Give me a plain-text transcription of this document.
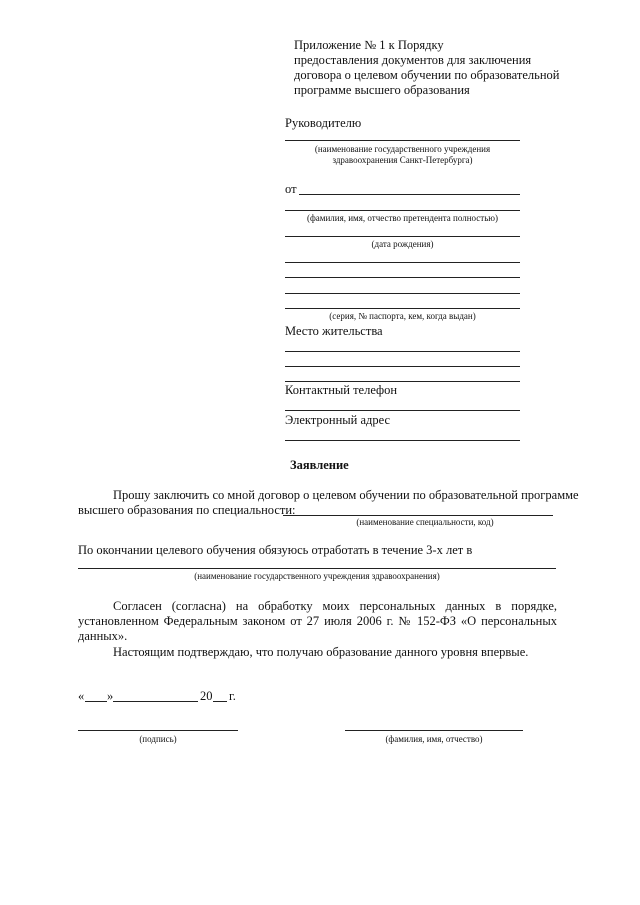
Приложение № 1 к Порядку
предоставления документов для заключения
договора о целевом обучении по образовательной
программе высшего образования
Руководителю
(наименование государственного учреждения
здравоохранения Санкт-Петербурга)
от
(фамилия, имя, отчество претендента полностью)
(дата рождения)
(серия, № паспорта, кем, когда выдан)
Место жительства
Контактный телефон
Электронный адрес
Заявление
Прошу заключить со мной договор о целевом обучении по образовательной программе
высшего образования по специальности:
(наименование специальности, код)
По окончании целевого обучения обязуюсь отработать в течение 3-х лет в
(наименование государственного учреждения здравоохранения)
Согласен (согласна) на обработку моих персональных данных в порядке,
установленном Федеральным законом от 27 июля 2006 г. № 152-ФЗ «О персональных
данных».
Настоящим подтверждаю, что получаю образование данного уровня впервые.
« »	20 г.
(подпись)	(фамилия, имя, отчество)
